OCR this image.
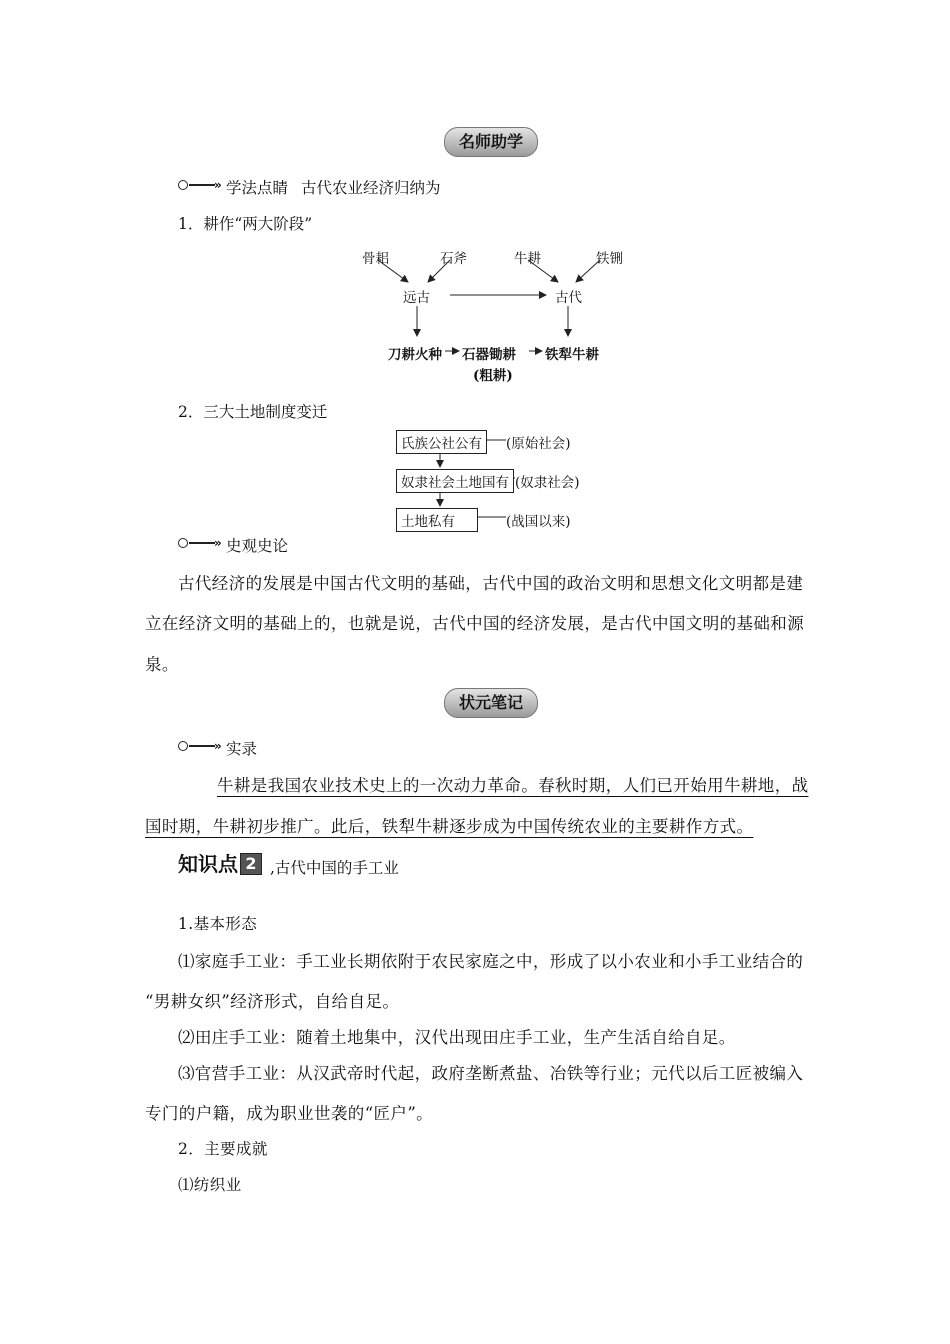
名师助学
» 学法点睛 古代农业经济归纳为
1．耕作“两大阶段”
骨耜	石斧	牛耕	铁铏
远古	古代
刀耕火种 石器锄耕 铁犁牛耕
(粗耕)
2．三大土地制度变迁
氏族公社公有	(原始社会)
奴隶社会土地国有 (奴隶社会)
土地私有	(战国以来)
» 史观史论
古代经济的发展是中国古代文明的基础，古代中国的政治文明和思想文化文明都是建
立在经济文明的基础上的，也就是说，古代中国的经济发展，是古代中国文明的基础和源
泉。
状元笔记
» 实录
牛耕是我国农业技术史上的一次动力革命。春秋时期，人们已开始用牛耕地，战
国时期，牛耕初步推广。此后，铁犁牛耕逐步成为中国传统农业的主要耕作方式。
知识点 2 ,古代中国的手工业
1.基本形态
⑴家庭手工业：手工业长期依附于农民家庭之中，形成了以小农业和小手工业结合的
“男耕女织”经济形式，自给自足。
⑵田庄手工业：随着土地集中，汉代出现田庄手工业，生产生活自给自足。
⑶官营手工业：从汉武帝时代起，政府垄断煮盐、冶铁等行业；元代以后工匠被编入
专门的户籍，成为职业世袭的“匠户”。
2．主要成就
⑴纺织业
